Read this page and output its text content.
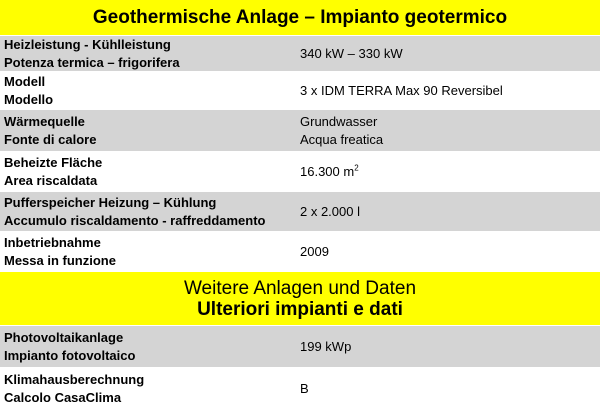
Geothermische Anlage – Impianto geotermico
Heizleistung - Kühlleistung
Potenza termica – frigorifera
340 kW – 330 kW
Modell
Modello
3 x IDM TERRA Max 90 Reversibel
Wärmequelle
Fonte di calore
Grundwasser
Acqua freatica
Beheizte Fläche
Area riscaldata
16.300 $m^2$
Pufferspeicher Heizung – Kühlung
Accumulo riscaldamento - raffreddamento
2 x 2.000 l
Inbetriebnahme
Messa in funzione
2009
Weitere Anlagen und Daten
Ulteriori impianti e dati
Photovoltaikanlage
Impianto fotovoltaico
199 kWp
Klimahausberechnung
Calcolo CasaClima
B
